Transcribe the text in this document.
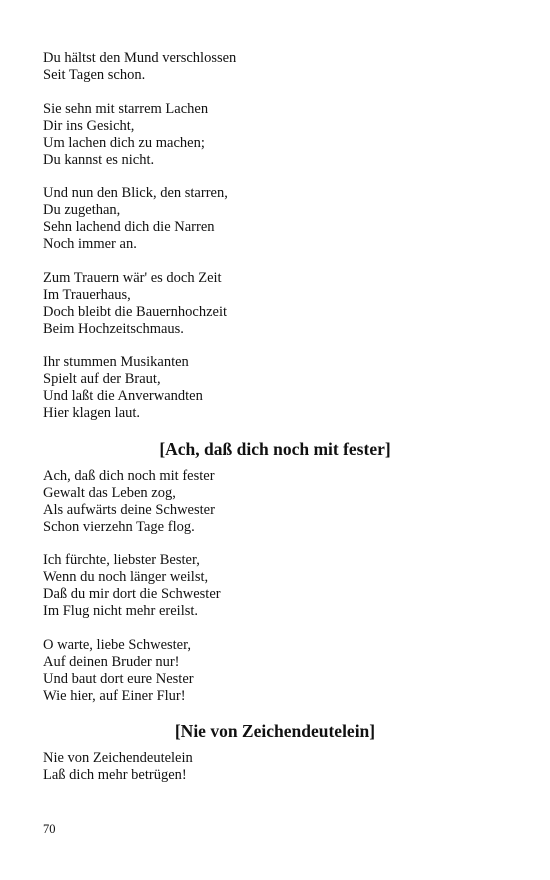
Du hältst den Mund verschlossen
Seit Tagen schon.
Sie sehn mit starrem Lachen
Dir ins Gesicht,
Um lachen dich zu machen;
Du kannst es nicht.
Und nun den Blick, den starren,
Du zugethan,
Sehn lachend dich die Narren
Noch immer an.
Zum Trauern wär' es doch Zeit
Im Trauerhaus,
Doch bleibt die Bauernhochzeit
Beim Hochzeitschmaus.
Ihr stummen Musikanten
Spielt auf der Braut,
Und laßt die Anverwandten
Hier klagen laut.
[Ach, daß dich noch mit fester]
Ach, daß dich noch mit fester
Gewalt das Leben zog,
Als aufwärts deine Schwester
Schon vierzehn Tage flog.
Ich fürchte, liebster Bester,
Wenn du noch länger weilst,
Daß du mir dort die Schwester
Im Flug nicht mehr ereilst.
O warte, liebe Schwester,
Auf deinen Bruder nur!
Und baut dort eure Nester
Wie hier, auf Einer Flur!
[Nie von Zeichendeutelein]
Nie von Zeichendeutelein
Laß dich mehr betrügen!
70
